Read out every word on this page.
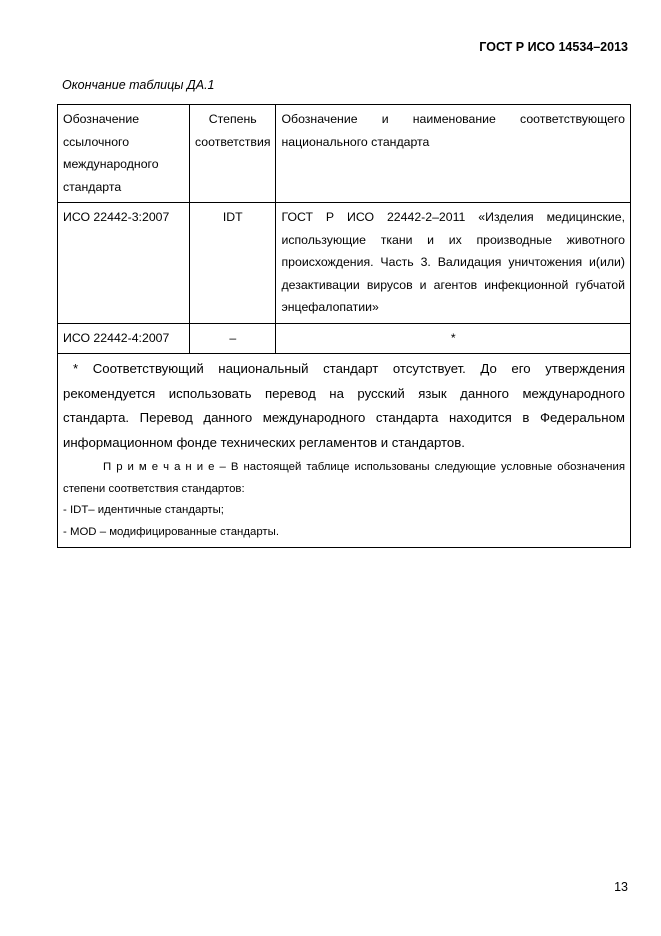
ГОСТ Р ИСО 14534–2013
Окончание таблицы ДА.1
Обозначение ссылочного международного стандарта	Степень соответствия	Обозначение и наименование соответствующего национального стандарта
ИСО 22442-3:2007	IDT	ГОСТ Р ИСО 22442-2–2011 «Изделия медицинские, использующие ткани и их производные животного происхождения. Часть 3. Валидация уничтожения и(или) дезактивации вирусов и агентов инфекционной губчатой энцефалопатии»
ИСО 22442-4:2007	–	*

* Соответствующий национальный стандарт отсутствует. До его утверждения рекомендуется использовать перевод на русский язык данного международного стандарта. Перевод данного международного стандарта находится в Федеральном информационном фонде технических регламентов и стандартов.

П р и м е ч а н и е – В настоящей таблице использованы следующие условные обозначения степени соответствия стандартов:

- IDT– идентичные стандарты;

- MOD – модифицированные стандарты.		

13
